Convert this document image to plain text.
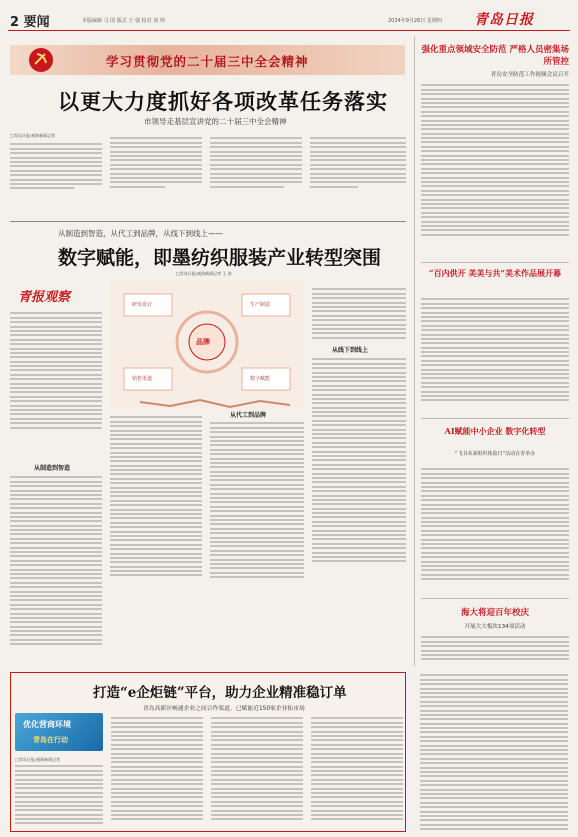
2 要闻	本版编辑 马 国 版式 王 强 校对 刘 帅	2024年9月26日 星期四 青岛日报
学习贯彻党的二十届三中全会精神
以更大力度抓好各项改革任务落实
市领导走基层宣讲党的二十届三中全会精神
□青岛日报/观海新闻记者
从制造到智造，从代工到品牌，从线下到线上——
数字赋能，即墨纺织服装产业转型突围
□青岛日报/观海新闻记者 王 涛
青报观察
从制造到智造
品牌
研发设计	生产制造
销售渠道	数字赋能
从代工到品牌
从线下到线上
强化重点领域安全防范 严格人员密集场所管控
青岛安全防范工作视频会议召开
“百内供开 美美与共”美术作品展开幕
AI赋能中小企业 数字化转型
“飞书未来组织体验日”活动在青举办
海大将迎百年校庆
开展大大板块134项活动
打造“e企炬链”平台，助力企业精准稳订单
青岛高新区畅通企业之间合作渠道，已赋能近150家企业拓市场
优化营商环境
青岛在行动
□青岛日报/观海新闻记者
